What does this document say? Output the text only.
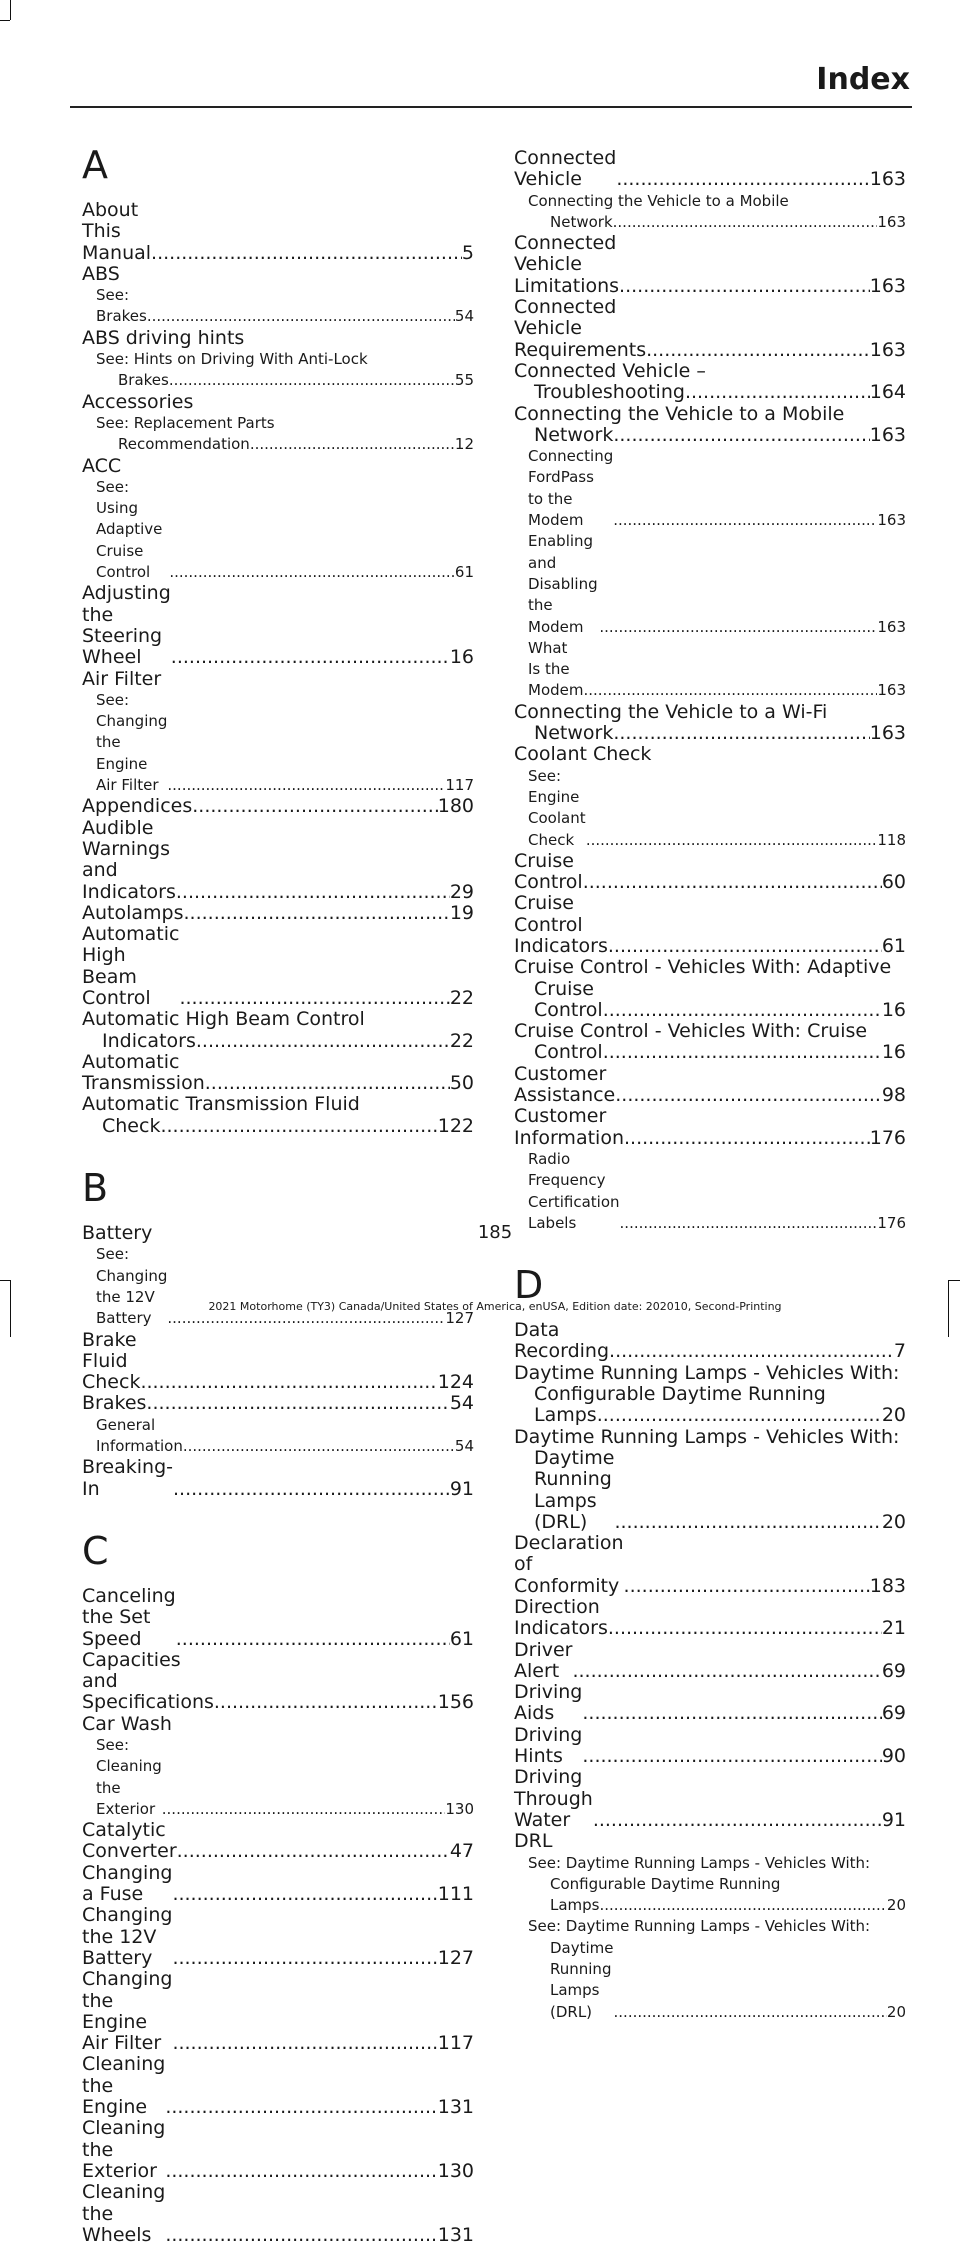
Index
A
About This Manual .....	5
ABS
See: Brakes .....	54
ABS driving hints
See: Hints on Driving With Anti-Lock
Brakes .....	55
Accessories
See: Replacement Parts
Recommendation .....	12
ACC
See: Using Adaptive Cruise Control .....	61
Adjusting the Steering Wheel .....	16
Air Filter
See: Changing the Engine Air Filter .....	117
Appendices .....	180
Audible Warnings and Indicators .....	29
Autolamps .....	19
Automatic High Beam Control .....	22
Automatic High Beam Control
Indicators .....	22
Automatic Transmission .....	50
Automatic Transmission Fluid
Check .....	122
B
Battery
See: Changing the 12V Battery .....	127
Brake Fluid Check .....	124
Brakes .....	54
General Information .....	54
Breaking-In .....	91
C
Canceling the Set Speed .....	61
Capacities and Specifications .....	156
Car Wash
See: Cleaning the Exterior .....	130
Catalytic Converter .....	47
Changing a Fuse .....	111
Changing the 12V Battery .....	127
Changing the Engine Air Filter .....	117
Cleaning the Engine .....	131
Cleaning the Exterior .....	130
Cleaning the Wheels .....	131
Connected Vehicle .....	163
Connecting the Vehicle to a Mobile
Network .....	163
Connected Vehicle Limitations .....	163
Connected Vehicle Requirements .....	163
Connected Vehicle –
Troubleshooting .....	164
Connecting the Vehicle to a Mobile
Network .....	163
Connecting FordPass to the Modem .....	163
Enabling and Disabling the Modem .....	163
What Is the Modem .....	163
Connecting the Vehicle to a Wi-Fi
Network .....	163
Coolant Check
See: Engine Coolant Check .....	118
Cruise Control .....	60
Cruise Control Indicators .....	61
Cruise Control - Vehicles With: Adaptive
Cruise Control .....	16
Cruise Control - Vehicles With: Cruise
Control .....	16
Customer Assistance .....	98
Customer Information .....	176
Radio Frequency Certification Labels .....	176
D
Data Recording .....	7
Daytime Running Lamps - Vehicles With:
Configurable Daytime Running
Lamps .....	20
Daytime Running Lamps - Vehicles With:
Daytime Running Lamps (DRL) .....	20
Declaration of Conformity .....	183
Direction Indicators .....	21
Driver Alert .....	69
Driving Aids .....	69
Driving Hints .....	90
Driving Through Water .....	91
DRL
See: Daytime Running Lamps - Vehicles With:
Configurable Daytime Running
Lamps .....	20
See: Daytime Running Lamps - Vehicles With:
Daytime Running Lamps (DRL) .....	20
185
2021 Motorhome (TY3) Canada/United States of America, enUSA, Edition date: 202010, Second-Printing
